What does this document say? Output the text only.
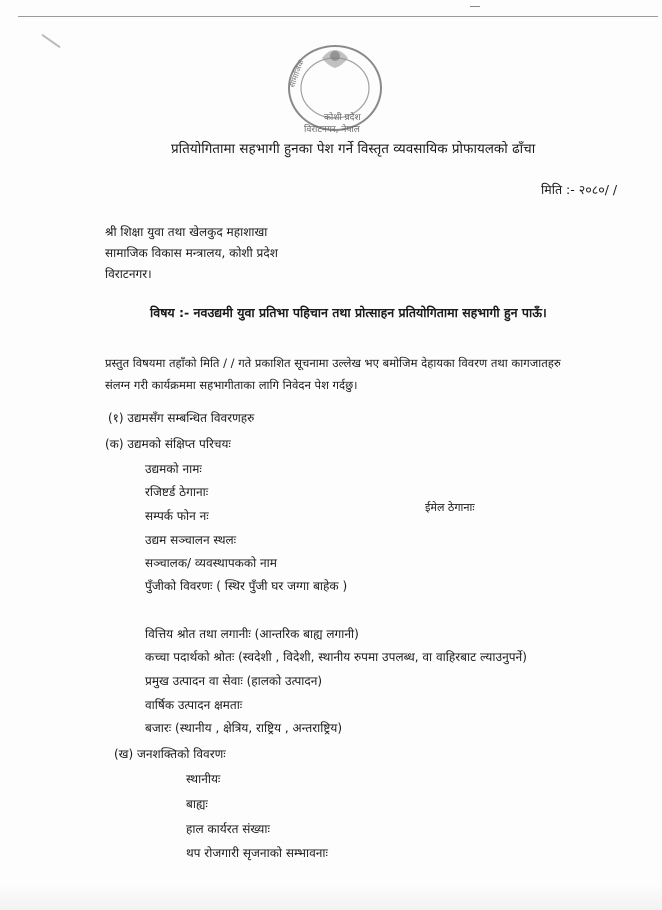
सामाजिक
कोशी प्रदेश
विराटनगर, नेपाल
प्रतियोगितामा सहभागी हुनका पेश गर्ने विस्तृत व्यवसायिक प्रोफायलको ढाँचा
मिति :- २०८०/ /
श्री शिक्षा युवा तथा खेलकुद महाशाखा
सामाजिक विकास मन्त्रालय, कोशी प्रदेश
विराटनगर।
विषय :- नवउद्यमी युवा प्रतिभा पहिचान तथा प्रोत्साहन प्रतियोगितामा सहभागी हुन पाऊँ।
प्रस्तुत विषयमा तहाँको मिति / / गते प्रकाशित सूचनामा उल्लेख भए बमोजिम देहायका विवरण तथा कागजातहरु
संलग्न गरी कार्यक्रममा सहभागीताका लागि निवेदन पेश गर्दछु।
(१) उद्यमसँग सम्बन्धित विवरणहरु
(क) उद्यमको संक्षिप्त परिचयः
उद्यमको नामः
रजिष्टर्ड ठेगानाः
सम्पर्क फोन नः
ईमेल ठेगानाः
उद्यम सञ्चालन स्थलः
सञ्चालक/ व्यवस्थापकको नाम
पुँजीको विवरणः ( स्थिर पुँजी घर जग्गा बाहेक )
वित्तिय श्रोत तथा लगानीः (आन्तरिक बाह्य लगानी)
कच्चा पदार्थको श्रोतः (स्वदेशी , विदेशी, स्थानीय रुपमा उपलब्ध, वा वाहिरबाट ल्याउनुपर्ने)
प्रमुख उत्पादन वा सेवाः (हालको उत्पादन)
वार्षिक उत्पादन क्षमताः
बजारः (स्थानीय , क्षेत्रिय, राष्ट्रिय , अन्तराष्ट्रिय)
(ख) जनशक्तिको विवरणः
स्थानीयः
बाह्यः
हाल कार्यरत संख्याः
थप रोजगारी सृजनाको सम्भावनाः
